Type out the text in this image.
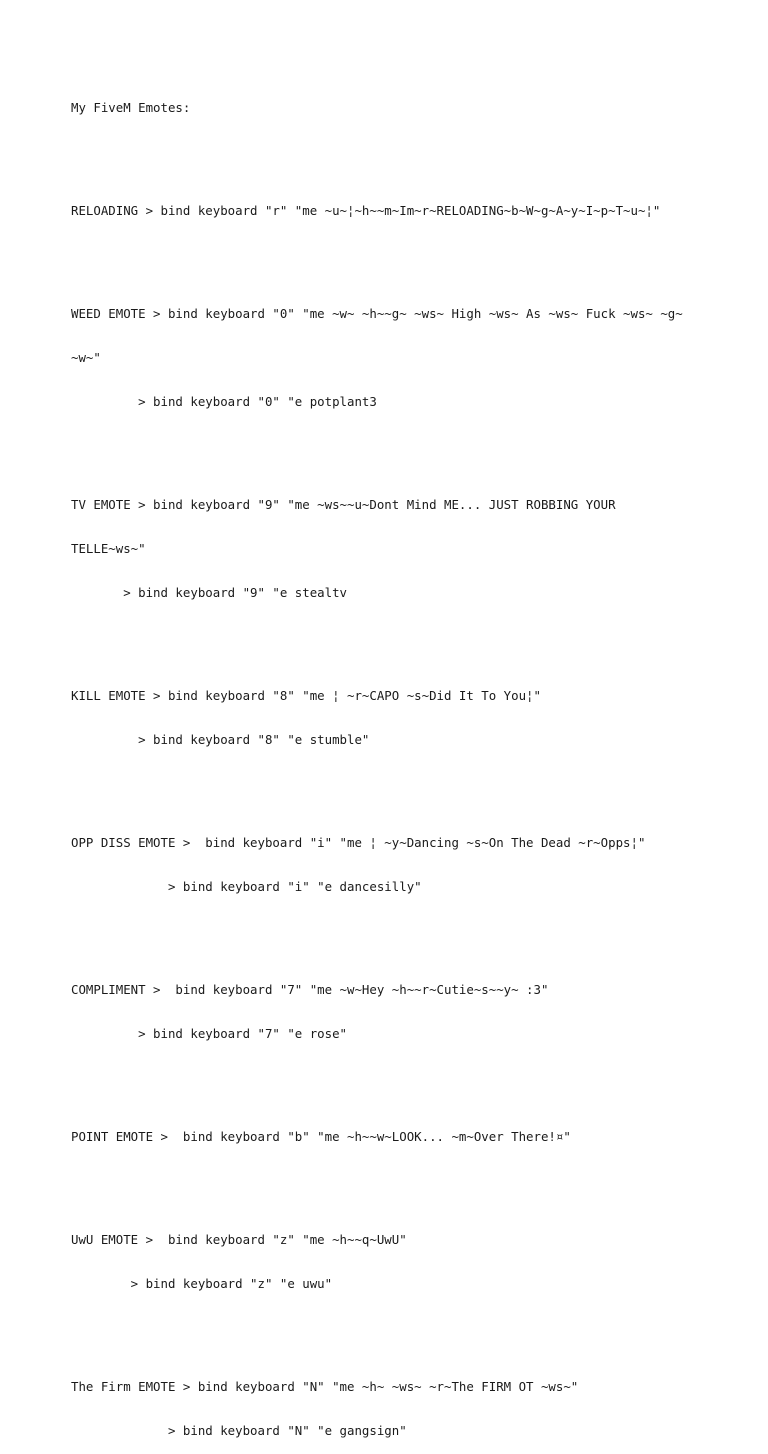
My FiveM Emotes:

RELOADING > bind keyboard "r" "me ~u~¦~h~~m~Im~r~RELOADING~b~W~g~A~y~I~p~T~u~¦"

WEED EMOTE > bind keyboard "0" "me ~w~ ~h~~g~ ~ws~ High ~ws~ As ~ws~ Fuck ~ws~ ~g~

~w~"

> bind keyboard "0" "e potplant3

TV EMOTE > bind keyboard "9" "me ~ws~~u~Dont Mind ME... JUST ROBBING YOUR

TELLE~ws~"

> bind keyboard "9" "e stealtv

KILL EMOTE > bind keyboard "8" "me ¦ ~r~CAPO ~s~Did It To You¦"

> bind keyboard "8" "e stumble"

OPP DISS EMOTE >  bind keyboard "i" "me ¦ ~y~Dancing ~s~On The Dead ~r~Opps¦"

> bind keyboard "i" "e dancesilly"

COMPLIMENT >  bind keyboard "7" "me ~w~Hey ~h~~r~Cutie~s~~y~ :3"

> bind keyboard "7" "e rose"

POINT EMOTE >  bind keyboard "b" "me ~h~~w~LOOK... ~m~Over There!¤"

UwU EMOTE >  bind keyboard "z" "me ~h~~q~UwU"

> bind keyboard "z" "e uwu"

The Firm EMOTE > bind keyboard "N" "me ~h~ ~ws~ ~r~The FIRM OT ~ws~"

> bind keyboard "N" "e gangsign"
